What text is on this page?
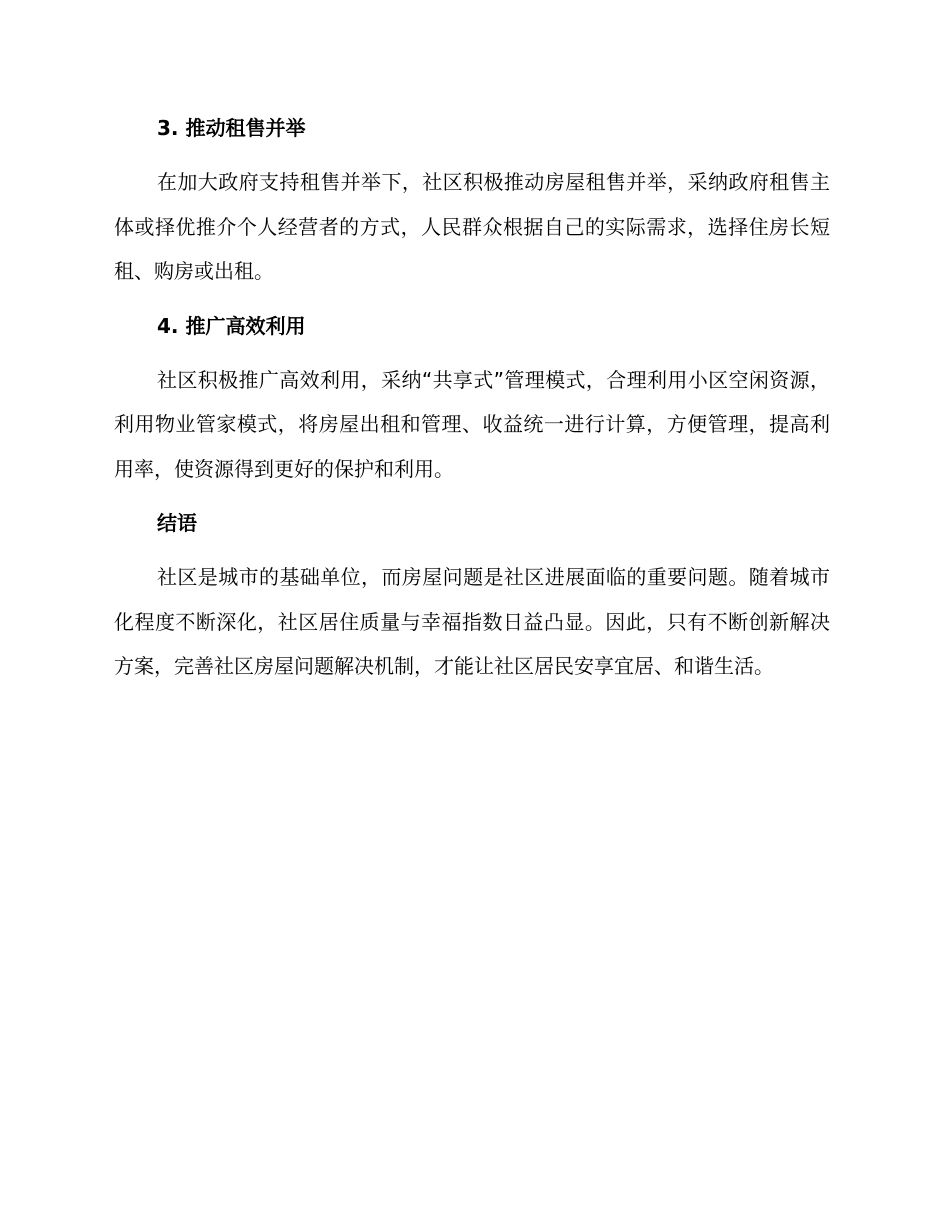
3. 推动租售并举

在加大政府支持租售并举下，社区积极推动房屋租售并举，采纳政府租售主体或择优推介个人经营者的方式，人民群众根据自己的实际需求，选择住房长短租、购房或出租。

4. 推广高效利用

社区积极推广高效利用，采纳“共享式”管理模式，合理利用小区空闲资源，利用物业管家模式，将房屋出租和管理、收益统一进行计算，方便管理，提高利用率，使资源得到更好的保护和利用。

结语

社区是城市的基础单位，而房屋问题是社区进展面临的重要问题。随着城市化程度不断深化，社区居住质量与幸福指数日益凸显。因此，只有不断创新解决方案，完善社区房屋问题解决机制，才能让社区居民安享宜居、和谐生活。
